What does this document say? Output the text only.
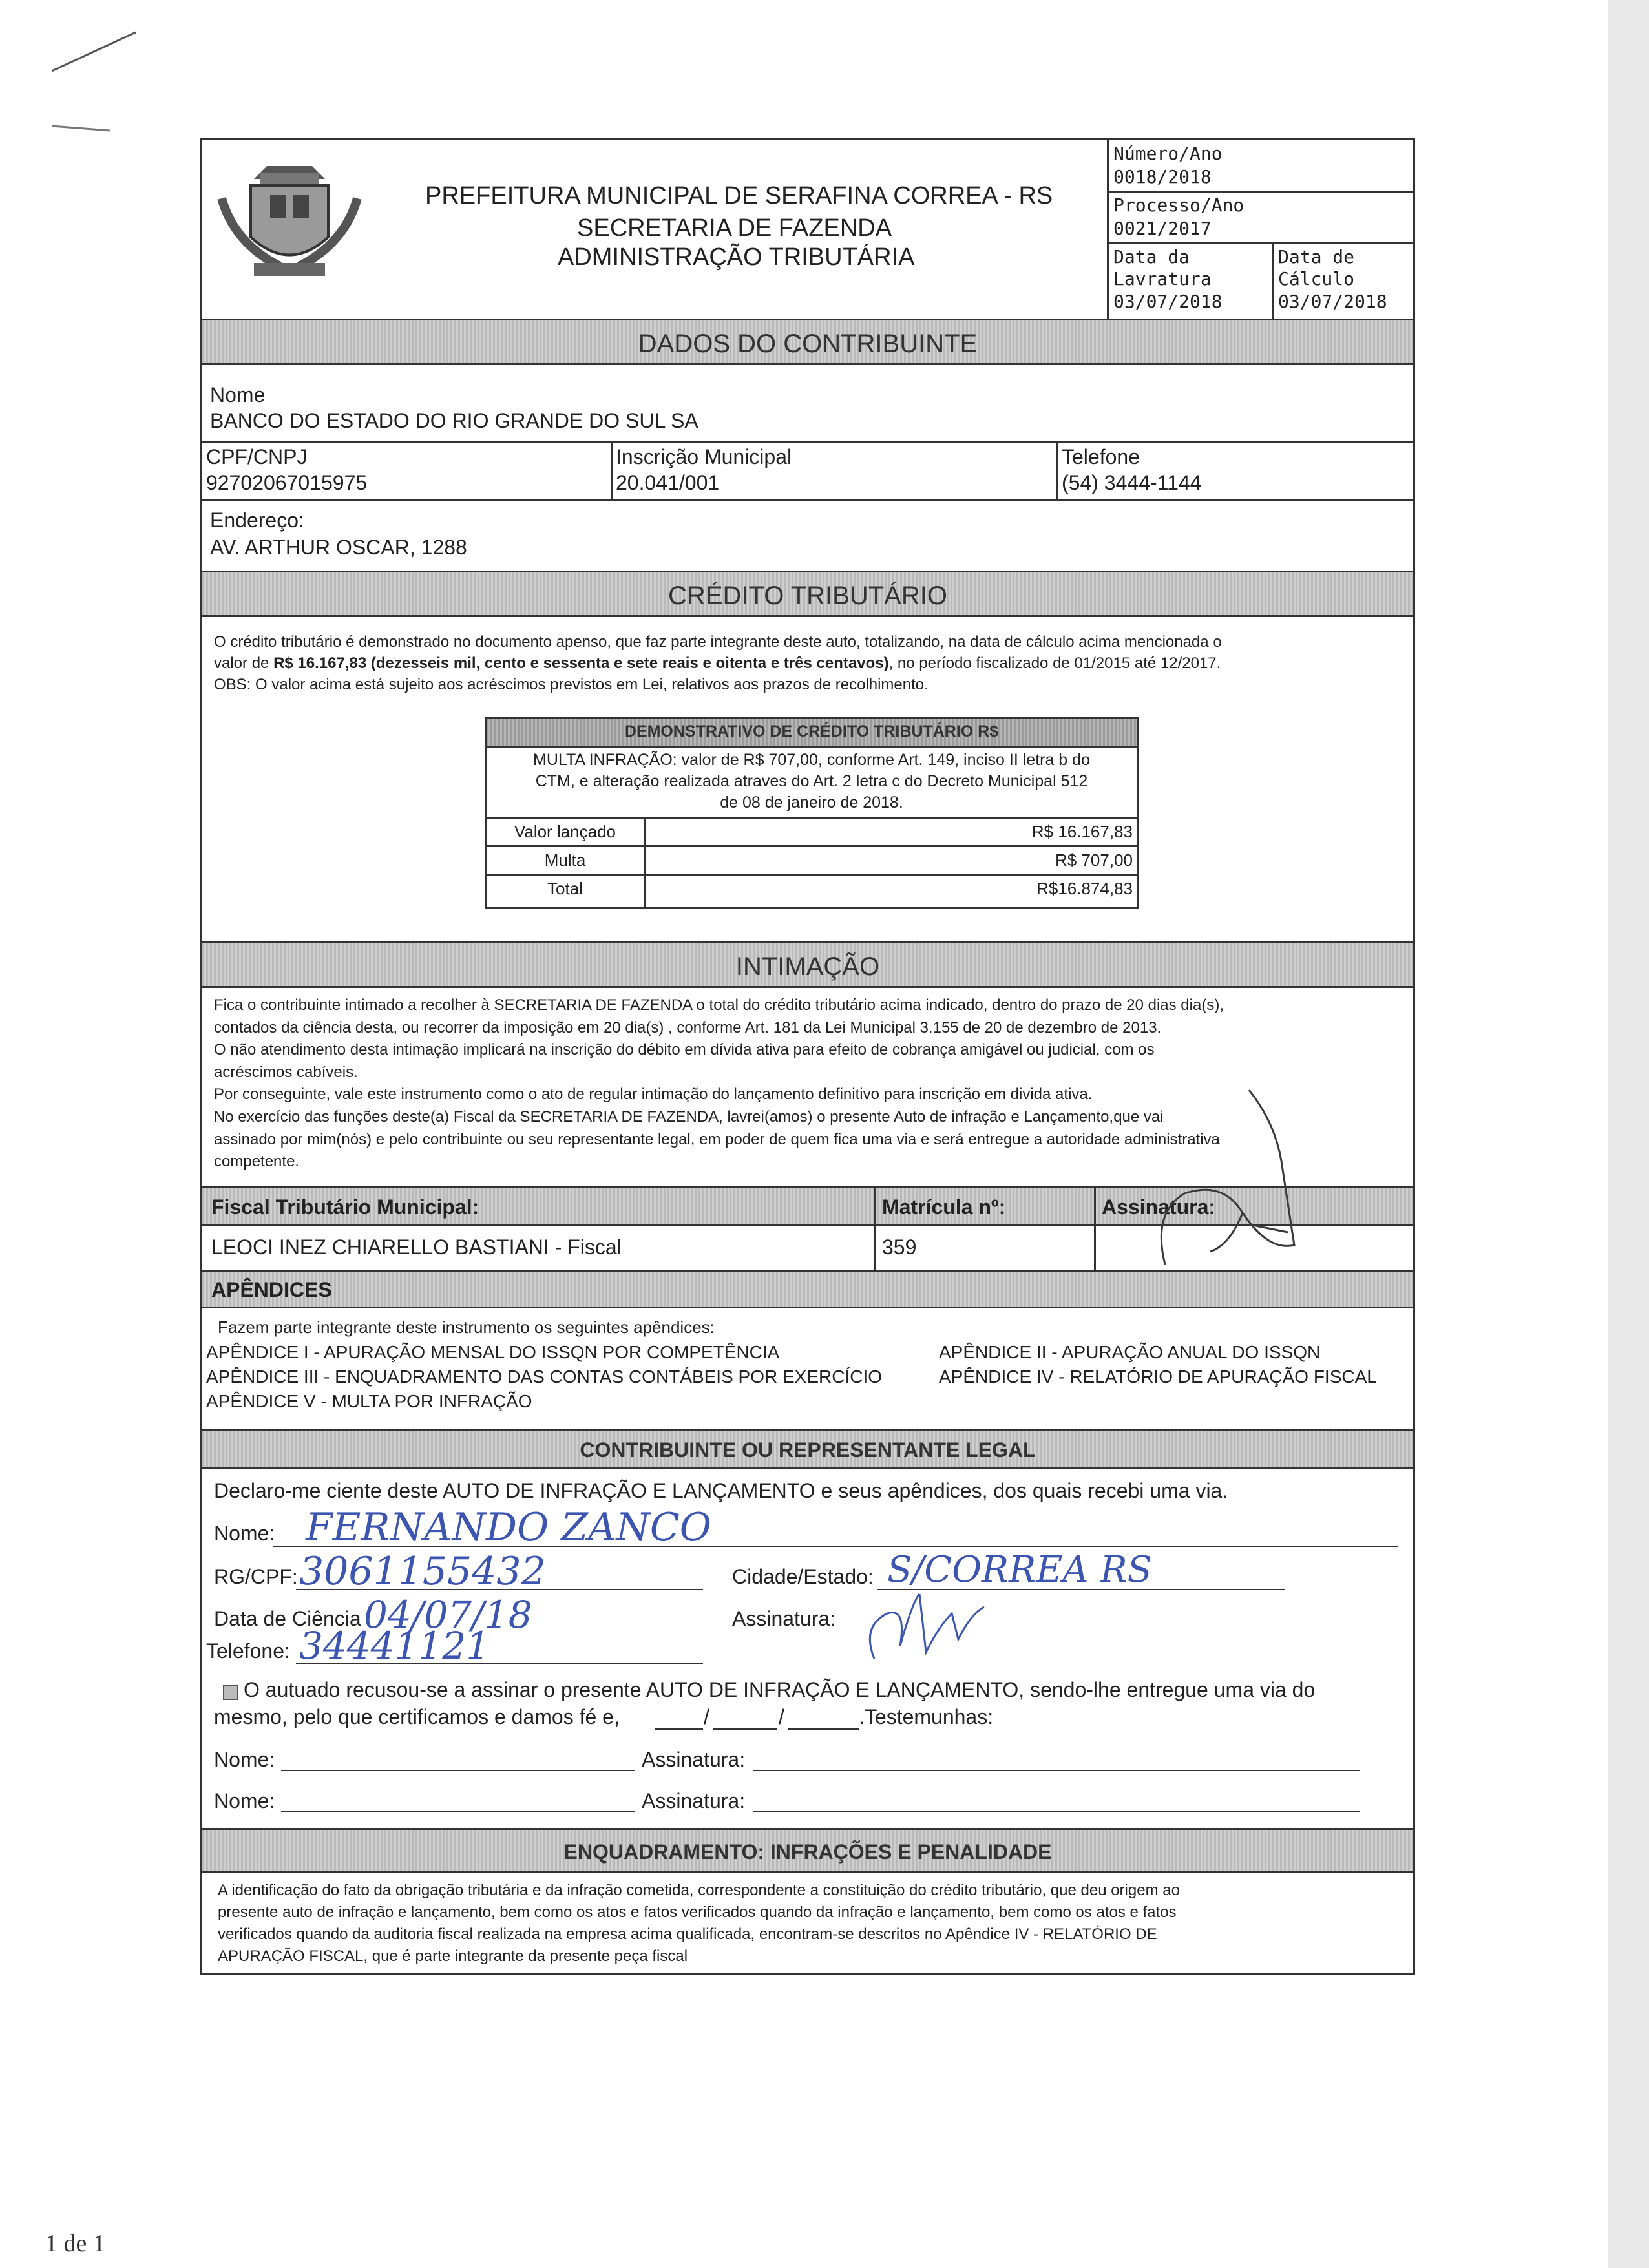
PREFEITURA MUNICIPAL DE SERAFINA CORREA - RS
SECRETARIA DE FAZENDA
ADMINISTRAÇÃO TRIBUTÁRIA
Número/Ano
0018/2018
Processo/Ano
0021/2017
Data da
Lavratura
03/07/2018
Data de
Cálculo
03/07/2018
DADOS DO CONTRIBUINTE
Nome
BANCO DO ESTADO DO RIO GRANDE DO SUL SA
CPF/CNPJ
92702067015975
Inscrição Municipal
20.041/001
Telefone
(54) 3444-1144
Endereço:
AV. ARTHUR OSCAR, 1288
CRÉDITO TRIBUTÁRIO
O crédito tributário é demonstrado no documento apenso, que faz parte integrante deste auto, totalizando, na data de cálculo acima mencionada o
valor de R$ 16.167,83 (dezesseis mil, cento e sessenta e sete reais e oitenta e três centavos), no período fiscalizado de 01/2015 até 12/2017.
OBS: O valor acima está sujeito aos acréscimos previstos em Lei, relativos aos prazos de recolhimento.
DEMONSTRATIVO DE CRÉDITO TRIBUTÁRIO R$
MULTA INFRAÇÃO: valor de R$ 707,00, conforme Art. 149, inciso II letra b do
CTM, e alteração realizada atraves do Art. 2 letra c do Decreto Municipal 512
de 08 de janeiro de 2018.
Valor lançado	R$ 16.167,83
Multa	R$ 707,00
Total	R$16.874,83
INTIMAÇÃO
Fica o contribuinte intimado a recolher à SECRETARIA DE FAZENDA o total do crédito tributário acima indicado, dentro do prazo de 20 dias dia(s),
contados da ciência desta, ou recorrer da imposição em 20 dia(s) , conforme Art. 181 da Lei Municipal 3.155 de 20 de dezembro de 2013.
O não atendimento desta intimação implicará na inscrição do débito em dívida ativa para efeito de cobrança amigável ou judicial, com os
acréscimos cabíveis.
Por conseguinte, vale este instrumento como o ato de regular intimação do lançamento definitivo para inscrição em divida ativa.
No exercício das funções deste(a) Fiscal da SECRETARIA DE FAZENDA, lavrei(amos) o presente Auto de infração e Lançamento,que vai
assinado por mim(nós) e pelo contribuinte ou seu representante legal, em poder de quem fica uma via e será entregue a autoridade administrativa
competente.
Fiscal Tributário Municipal:	Matrícula nº:	Assinatura:
LEOCI INEZ CHIARELLO BASTIANI - Fiscal	359
APÊNDICES
Fazem parte integrante deste instrumento os seguintes apêndices:
APÊNDICE I - APURAÇÃO MENSAL DO ISSQN POR COMPETÊNCIA	APÊNDICE II - APURAÇÃO ANUAL DO ISSQN
APÊNDICE III - ENQUADRAMENTO DAS CONTAS CONTÁBEIS POR EXERCÍCIO	APÊNDICE IV - RELATÓRIO DE APURAÇÃO FISCAL
APÊNDICE V - MULTA POR INFRAÇÃO
CONTRIBUINTE OU REPRESENTANTE LEGAL
Declaro-me ciente deste AUTO DE INFRAÇÃO E LANÇAMENTO e seus apêndices, dos quais recebi uma via.
Nome: FERNANDO ZANCO
RG/CPF: 3061155432	Cidade/Estado: S/CORREA RS
Data de Ciência 04/07/18	Assinatura:
Telefone: 34441121
O autuado recusou-se a assinar o presente AUTO DE INFRAÇÃO E LANÇAMENTO, sendo-lhe entregue uma via do
mesmo, pelo que certificamos e damos fé e,	/	/	.Testemunhas:
Nome:	Assinatura:
Nome:	Assinatura:
ENQUADRAMENTO: INFRAÇÕES E PENALIDADE
A identificação do fato da obrigação tributária e da infração cometida, correspondente a constituição do crédito tributário, que deu origem ao
presente auto de infração e lançamento, bem como os atos e fatos verificados quando da infração e lançamento, bem como os atos e fatos
verificados quando da auditoria fiscal realizada na empresa acima qualificada, encontram-se descritos no Apêndice IV - RELATÓRIO DE
APURAÇÃO FISCAL, que é parte integrante da presente peça fiscal
1 de 1
